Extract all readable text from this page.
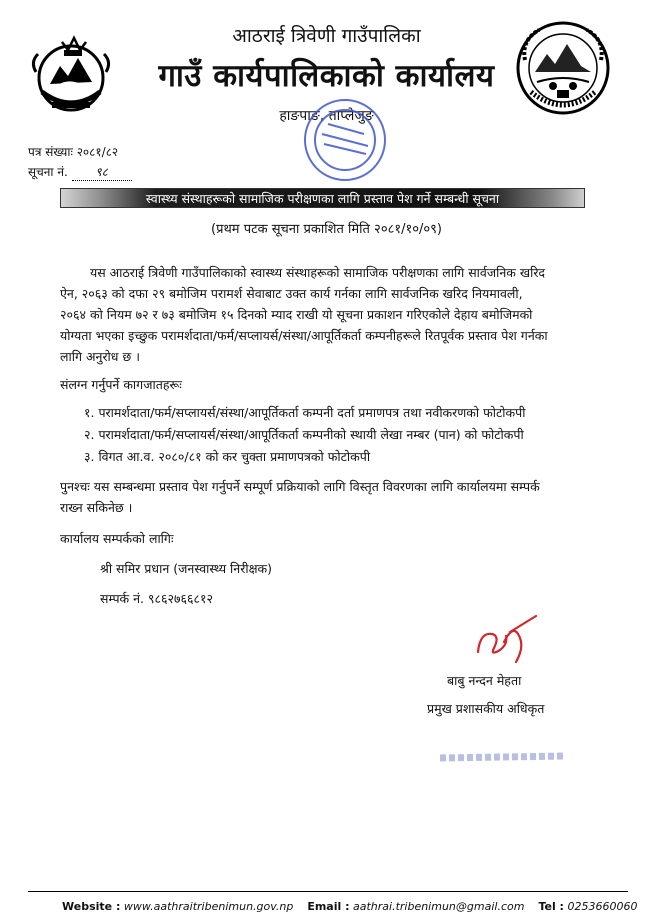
आठराई त्रिवेणी गाउँपालिका
गाउँ कार्यपालिकाको कार्यालय
हाङपाङ, ताप्लेजुङ
पत्र संख्याः २०८१/८२
सूचना नं. ९८
स्वास्थ्य संस्थाहरूको सामाजिक परीक्षणका लागि प्रस्ताव पेश गर्ने सम्बन्धी सूचना
(प्रथम पटक सूचना प्रकाशित मिति २०८१/१०/०९)
यस आठराई त्रिवेणी गाउँपालिकाको स्वास्थ्य संस्थाहरूको सामाजिक परीक्षणका लागि सार्वजनिक खरिद
ऐन, २०६३ को दफा २९ बमोजिम परामर्श सेवाबाट उक्त कार्य गर्नका लागि सार्वजनिक खरिद नियमावली,
२०६४ को नियम ७२ र ७३ बमोजिम १५ दिनको म्याद राखी यो सूचना प्रकाशन गरिएकोले देहाय बमोजिमको
योग्यता भएका इच्छुक परामर्शदाता/फर्म/सप्लायर्स/संस्था/आपूर्तिकर्ता कम्पनीहरूले रितपूर्वक प्रस्ताव पेश गर्नका
लागि अनुरोध छ ।
संलग्न गर्नुपर्ने कागजातहरूः
१. परामर्शदाता/फर्म/सप्लायर्स/संस्था/आपूर्तिकर्ता कम्पनी दर्ता प्रमाणपत्र तथा नवीकरणको फोटोकपी
२. परामर्शदाता/फर्म/सप्लायर्स/संस्था/आपूर्तिकर्ता कम्पनीको स्थायी लेखा नम्बर (पान) को फोटोकपी
३. विगत आ.व. २०८०/८१ को कर चुक्ता प्रमाणपत्रको फोटोकपी
पुनश्चः यस सम्बन्धमा प्रस्ताव पेश गर्नुपर्ने सम्पूर्ण प्रक्रियाको लागि विस्तृत विवरणका लागि कार्यालयमा सम्पर्क
राख्न सकिनेछ ।
कार्यालय सम्पर्कको लागिः
श्री समिर प्रधान (जनस्वास्थ्य निरीक्षक)
सम्पर्क नं. ९८६२७६६८१२
बाबु नन्दन मेहता
प्रमुख प्रशासकीय अधिकृत
Website : www.aathraitribenimun.gov.np Email : aathrai.tribenimun@gmail.com Tel : 0253660060
